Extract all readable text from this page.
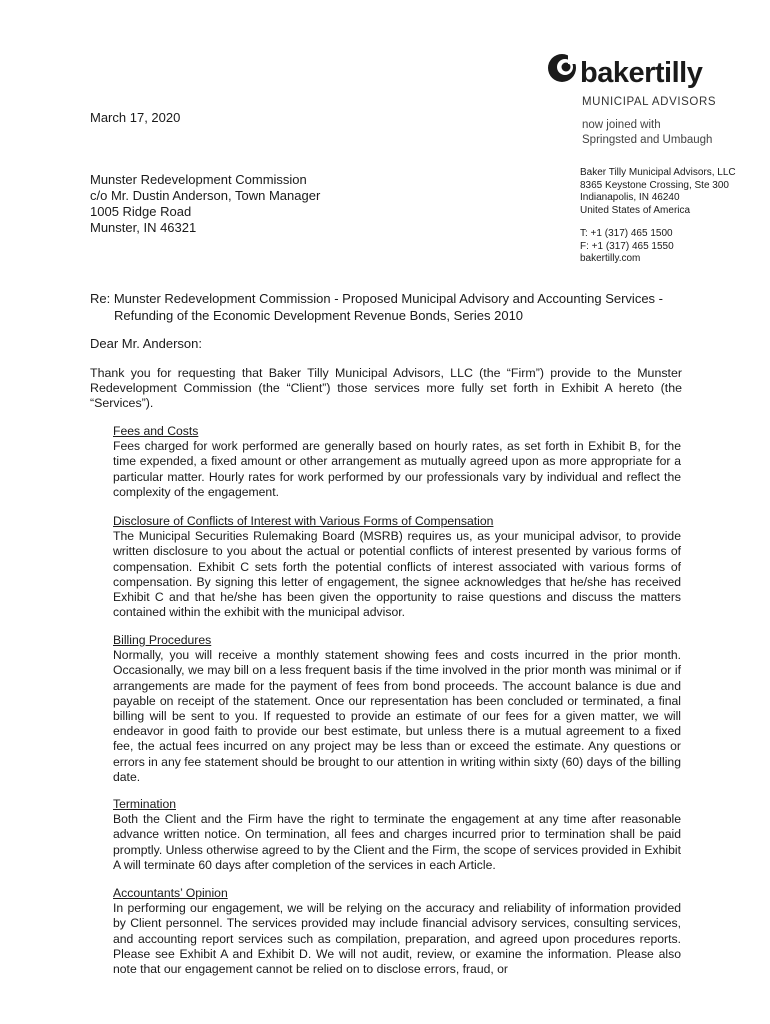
bakertilly
MUNICIPAL ADVISORS
now joined with
Springsted and Umbaugh
March 17, 2020
Munster Redevelopment Commission
c/o Mr. Dustin Anderson, Town Manager
1005 Ridge Road
Munster, IN 46321
Baker Tilly Municipal Advisors, LLC
8365 Keystone Crossing, Ste 300
Indianapolis, IN 46240
United States of America
T: +1 (317) 465 1500
F: +1 (317) 465 1550
bakertilly.com
Re: Munster Redevelopment Commission - Proposed Municipal Advisory and Accounting Services -
Refunding of the Economic Development Revenue Bonds, Series 2010
Dear Mr. Anderson:
Thank you for requesting that Baker Tilly Municipal Advisors, LLC (the “Firm”) provide to the Munster Redevelopment Commission (the “Client”) those services more fully set forth in Exhibit A hereto (the “Services”).
Fees and Costs
Fees charged for work performed are generally based on hourly rates, as set forth in Exhibit B, for the time expended, a fixed amount or other arrangement as mutually agreed upon as more appropriate for a particular matter. Hourly rates for work performed by our professionals vary by individual and reflect the complexity of the engagement.
Disclosure of Conflicts of Interest with Various Forms of Compensation
The Municipal Securities Rulemaking Board (MSRB) requires us, as your municipal advisor, to provide written disclosure to you about the actual or potential conflicts of interest presented by various forms of compensation. Exhibit C sets forth the potential conflicts of interest associated with various forms of compensation. By signing this letter of engagement, the signee acknowledges that he/she has received Exhibit C and that he/she has been given the opportunity to raise questions and discuss the matters contained within the exhibit with the municipal advisor.
Billing Procedures
Normally, you will receive a monthly statement showing fees and costs incurred in the prior month. Occasionally, we may bill on a less frequent basis if the time involved in the prior month was minimal or if arrangements are made for the payment of fees from bond proceeds. The account balance is due and payable on receipt of the statement. Once our representation has been concluded or terminated, a final billing will be sent to you. If requested to provide an estimate of our fees for a given matter, we will endeavor in good faith to provide our best estimate, but unless there is a mutual agreement to a fixed fee, the actual fees incurred on any project may be less than or exceed the estimate. Any questions or errors in any fee statement should be brought to our attention in writing within sixty (60) days of the billing date.
Termination
Both the Client and the Firm have the right to terminate the engagement at any time after reasonable advance written notice. On termination, all fees and charges incurred prior to termination shall be paid promptly. Unless otherwise agreed to by the Client and the Firm, the scope of services provided in Exhibit A will terminate 60 days after completion of the services in each Article.
Accountants’ Opinion
In performing our engagement, we will be relying on the accuracy and reliability of information provided by Client personnel. The services provided may include financial advisory services, consulting services, and accounting report services such as compilation, preparation, and agreed upon procedures reports. Please see Exhibit A and Exhibit D. We will not audit, review, or examine the information. Please also note that our engagement cannot be relied on to disclose errors, fraud, or
